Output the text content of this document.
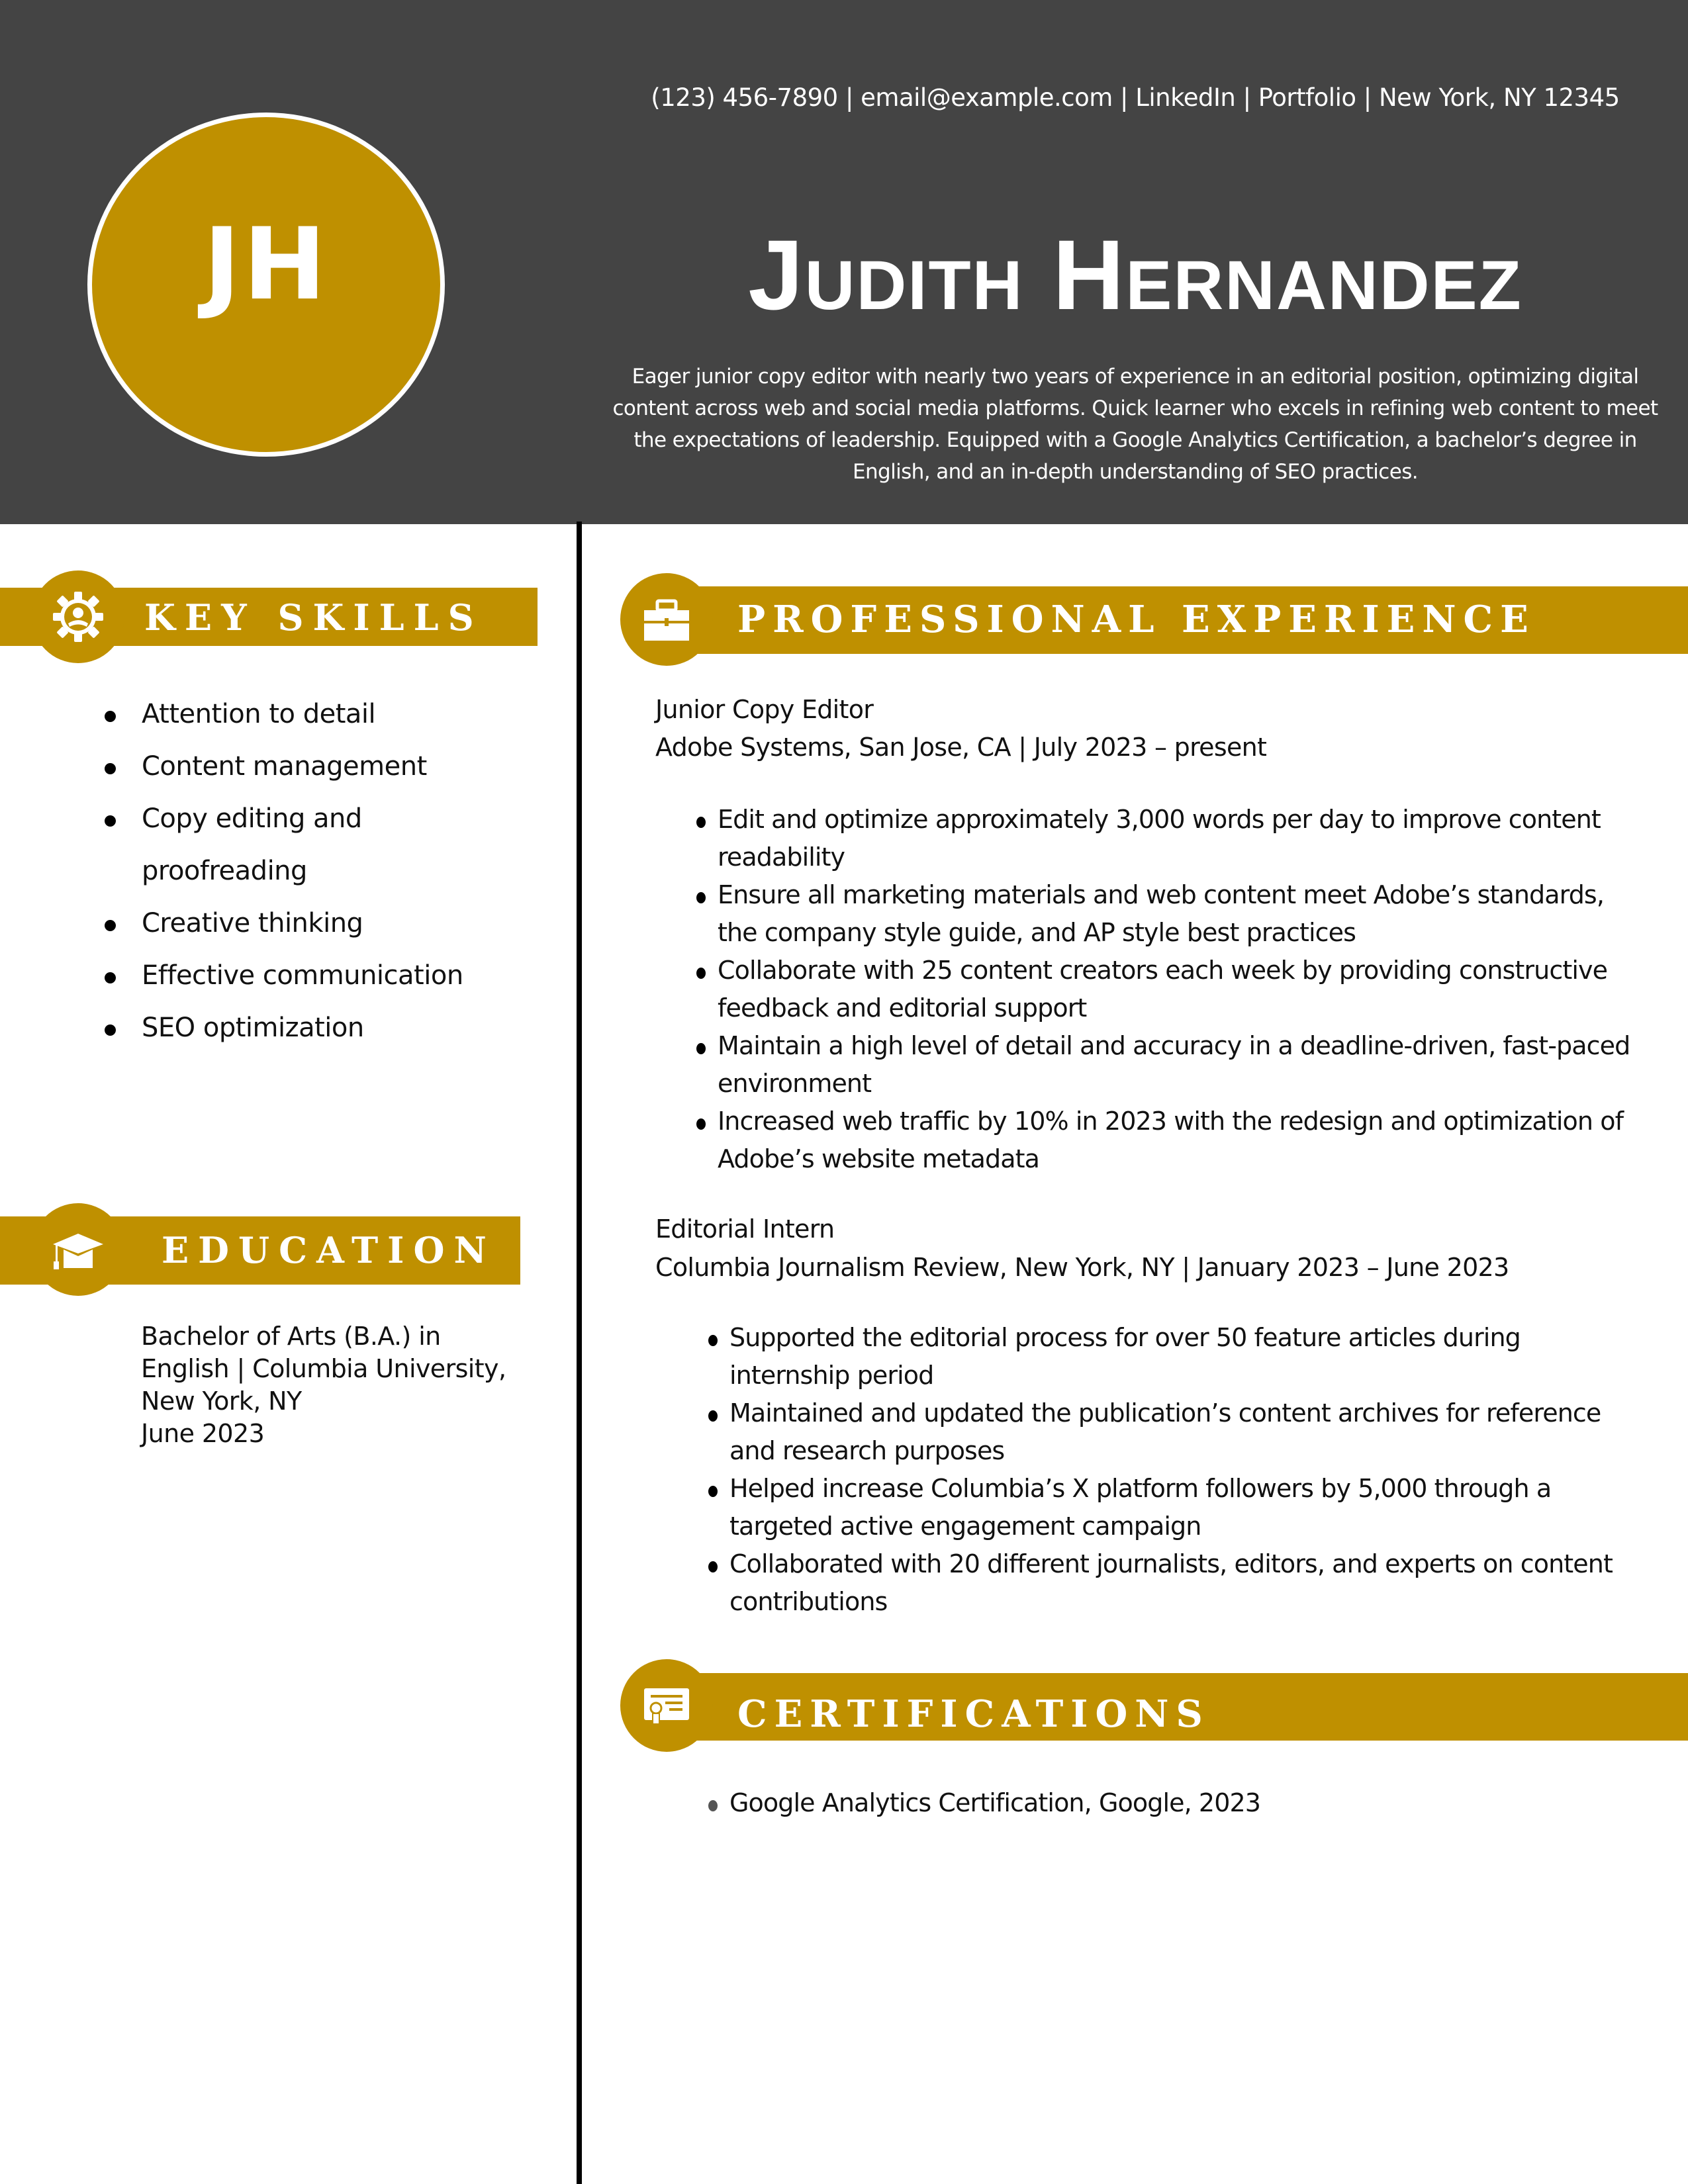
JH
(123) 456-7890 | email@example.com | LinkedIn | Portfolio | New York, NY 12345
Judith Hernandez
Eager junior copy editor with nearly two years of experience in an editorial position, optimizing digital content across web and social media platforms. Quick learner who excels in refining web content to meet the expectations of leadership. Equipped with a Google Analytics Certification, a bachelor’s degree in English, and an in-depth understanding of SEO practices.
KEY SKILLS
Attention to detail
Content management
Copy editing and proofreading
Creative thinking
Effective communication
SEO optimization
EDUCATION
Bachelor of Arts (B.A.) in
English | Columbia University,
New York, NY
June 2023
PROFESSIONAL EXPERIENCE
Junior Copy Editor
Adobe Systems, San Jose, CA | July 2023 – present
Edit and optimize approximately 3,000 words per day to improve content readability
Ensure all marketing materials and web content meet Adobe’s standards, the company style guide, and AP style best practices
Collaborate with 25 content creators each week by providing constructive feedback and editorial support
Maintain a high level of detail and accuracy in a deadline-driven, fast-paced environment
Increased web traffic by 10% in 2023 with the redesign and optimization of Adobe’s website metadata
Editorial Intern
Columbia Journalism Review, New York, NY | January 2023 – June 2023
Supported the editorial process for over 50 feature articles during internship period
Maintained and updated the publication’s content archives for reference and research purposes
Helped increase Columbia’s X platform followers by 5,000 through a targeted active engagement campaign
Collaborated with 20 different journalists, editors, and experts on content contributions
CERTIFICATIONS
Google Analytics Certification, Google, 2023
